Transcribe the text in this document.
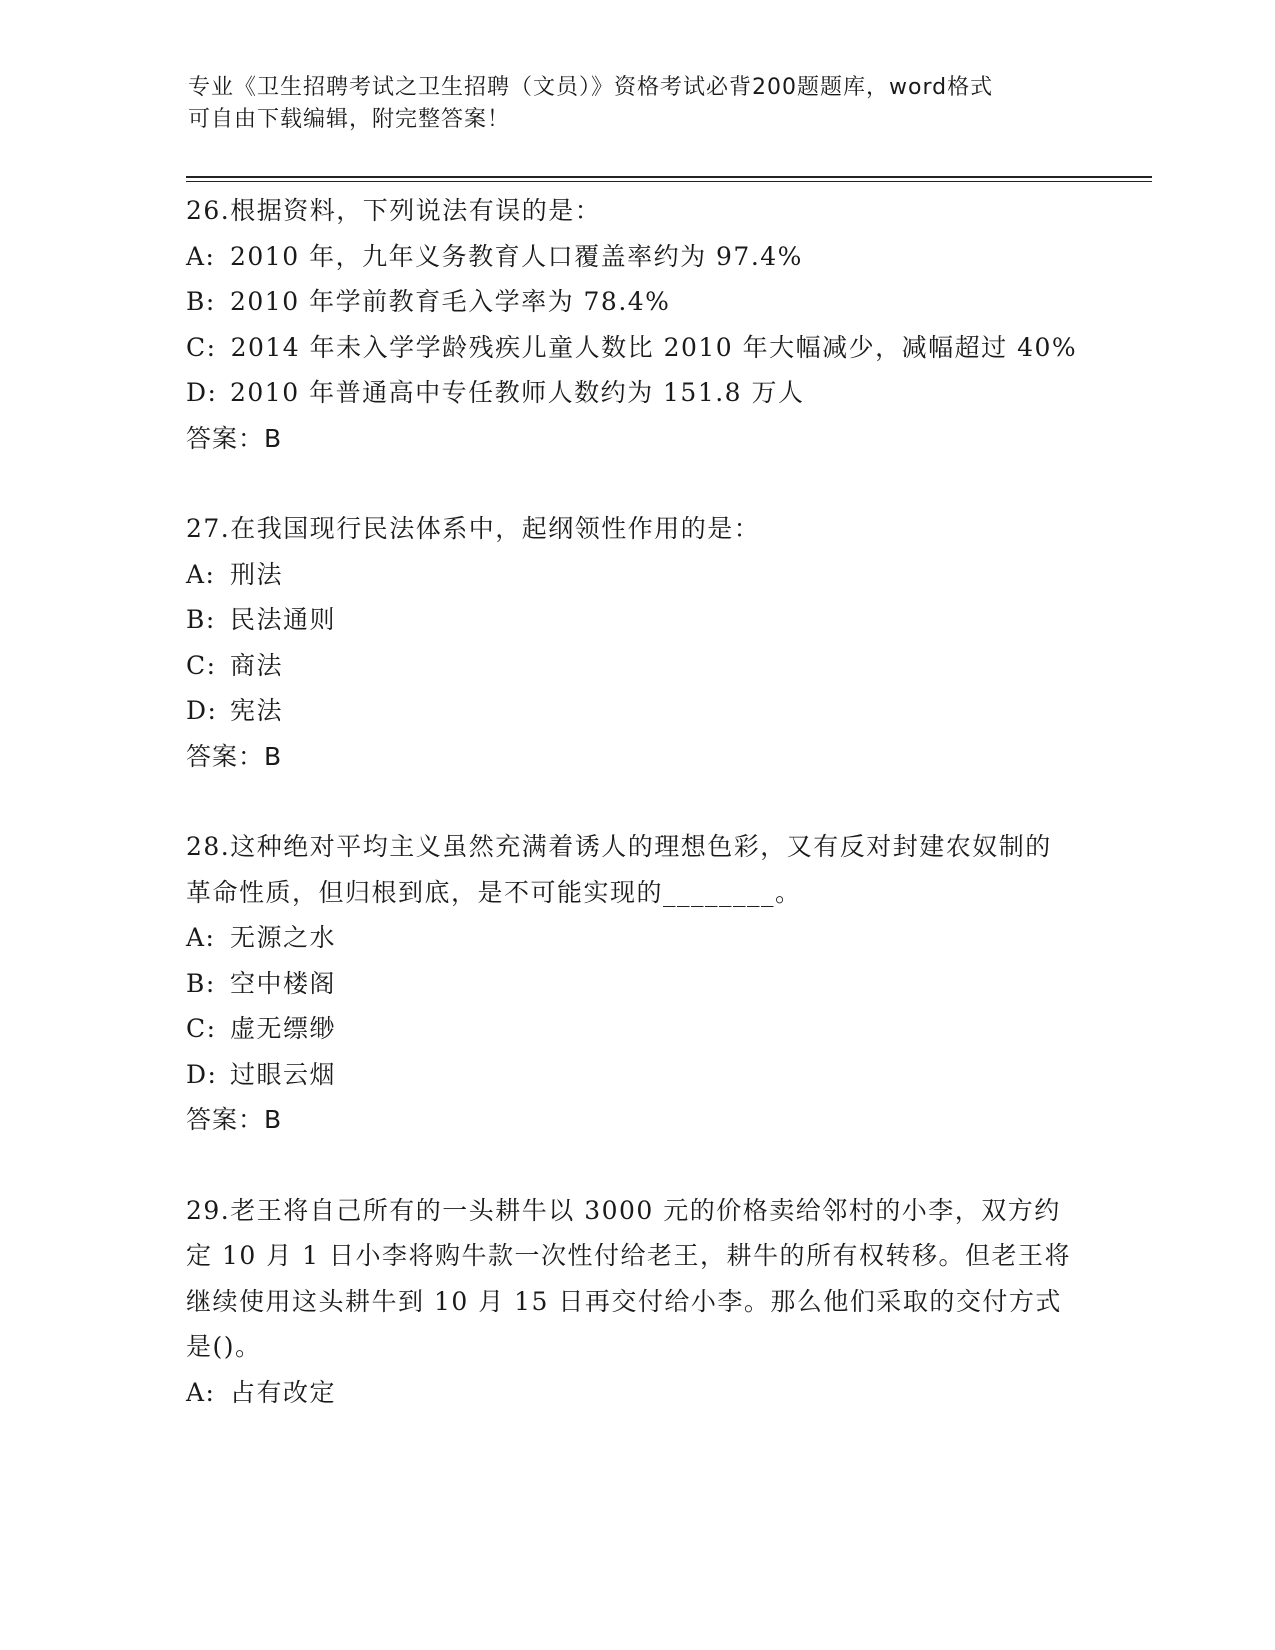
专业《卫生招聘考试之卫生招聘（文员）》资格考试必背200题题库，word格式
可自由下载编辑，附完整答案！
26.根据资料，下列说法有误的是：
A: 2010 年，九年义务教育人口覆盖率约为 97.4%
B: 2010 年学前教育毛入学率为 78.4%
C: 2014 年未入学学龄残疾儿童人数比 2010 年大幅减少，减幅超过 40%
D: 2010 年普通高中专任教师人数约为 151.8 万人
答案：B
27.在我国现行民法体系中，起纲领性作用的是：
A: 刑法
B: 民法通则
C: 商法
D: 宪法
答案：B
28.这种绝对平均主义虽然充满着诱人的理想色彩，又有反对封建农奴制的革命性质，但归根到底，是不可能实现的________。
A: 无源之水
B: 空中楼阁
C: 虚无缥缈
D: 过眼云烟
答案：B
29.老王将自己所有的一头耕牛以 3000 元的价格卖给邻村的小李，双方约定 10 月 1 日小李将购牛款一次性付给老王，耕牛的所有权转移。但老王将继续使用这头耕牛到 10 月 15 日再交付给小李。那么他们采取的交付方式是()。
A: 占有改定
